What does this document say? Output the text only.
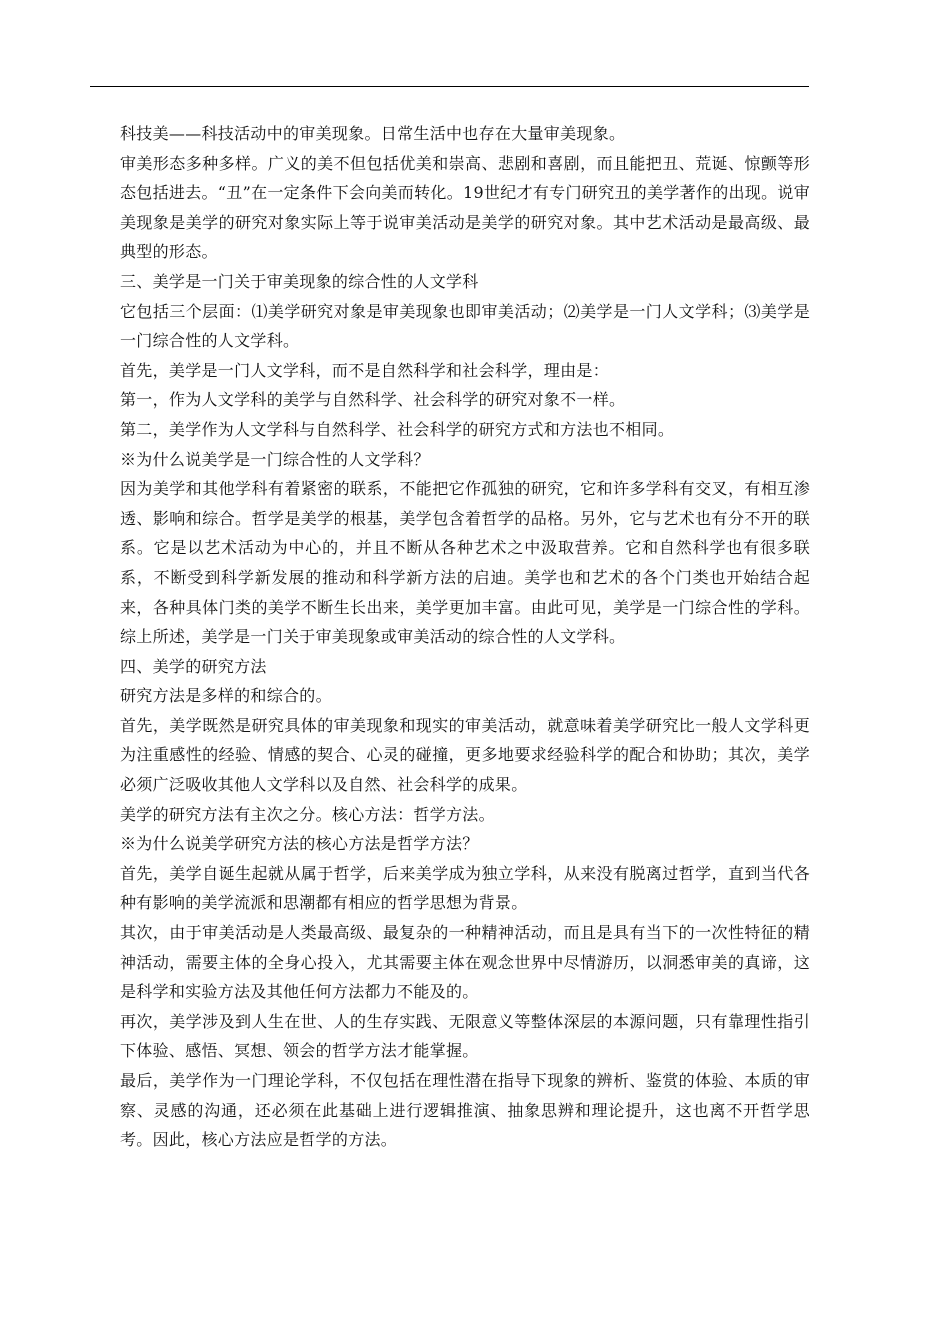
科技美——科技活动中的审美现象。日常生活中也存在大量审美现象。

审美形态多种多样。广义的美不但包括优美和崇高、悲剧和喜剧，而且能把丑、荒诞、惊颤等形态包括进去。“丑”在一定条件下会向美而转化。19世纪才有专门研究丑的美学著作的出现。说审美现象是美学的研究对象实际上等于说审美活动是美学的研究对象。其中艺术活动是最高级、最典型的形态。

三、美学是一门关于审美现象的综合性的人文学科

它包括三个层面：⑴美学研究对象是审美现象也即审美活动；⑵美学是一门人文学科；⑶美学是一门综合性的人文学科。

首先，美学是一门人文学科，而不是自然科学和社会科学，理由是：

第一，作为人文学科的美学与自然科学、社会科学的研究对象不一样。

第二，美学作为人文学科与自然科学、社会科学的研究方式和方法也不相同。

※为什么说美学是一门综合性的人文学科？

因为美学和其他学科有着紧密的联系，不能把它作孤独的研究，它和许多学科有交叉，有相互渗透、影响和综合。哲学是美学的根基，美学包含着哲学的品格。另外，它与艺术也有分不开的联系。它是以艺术活动为中心的，并且不断从各种艺术之中汲取营养。它和自然科学也有很多联系，不断受到科学新发展的推动和科学新方法的启迪。美学也和艺术的各个门类也开始结合起来，各种具体门类的美学不断生长出来，美学更加丰富。由此可见，美学是一门综合性的学科。综上所述，美学是一门关于审美现象或审美活动的综合性的人文学科。

四、美学的研究方法

研究方法是多样的和综合的。

首先，美学既然是研究具体的审美现象和现实的审美活动，就意味着美学研究比一般人文学科更为注重感性的经验、情感的契合、心灵的碰撞，更多地要求经验科学的配合和协助；其次，美学必须广泛吸收其他人文学科以及自然、社会科学的成果。

美学的研究方法有主次之分。核心方法：哲学方法。

※为什么说美学研究方法的核心方法是哲学方法？

首先，美学自诞生起就从属于哲学，后来美学成为独立学科，从来没有脱离过哲学，直到当代各种有影响的美学流派和思潮都有相应的哲学思想为背景。

其次，由于审美活动是人类最高级、最复杂的一种精神活动，而且是具有当下的一次性特征的精神活动，需要主体的全身心投入，尤其需要主体在观念世界中尽情游历，以洞悉审美的真谛，这是科学和实验方法及其他任何方法都力不能及的。

再次，美学涉及到人生在世、人的生存实践、无限意义等整体深层的本源问题，只有靠理性指引下体验、感悟、冥想、领会的哲学方法才能掌握。

最后，美学作为一门理论学科，不仅包括在理性潜在指导下现象的辨析、鉴赏的体验、本质的审察、灵感的沟通，还必须在此基础上进行逻辑推演、抽象思辨和理论提升，这也离不开哲学思考。因此，核心方法应是哲学的方法。
